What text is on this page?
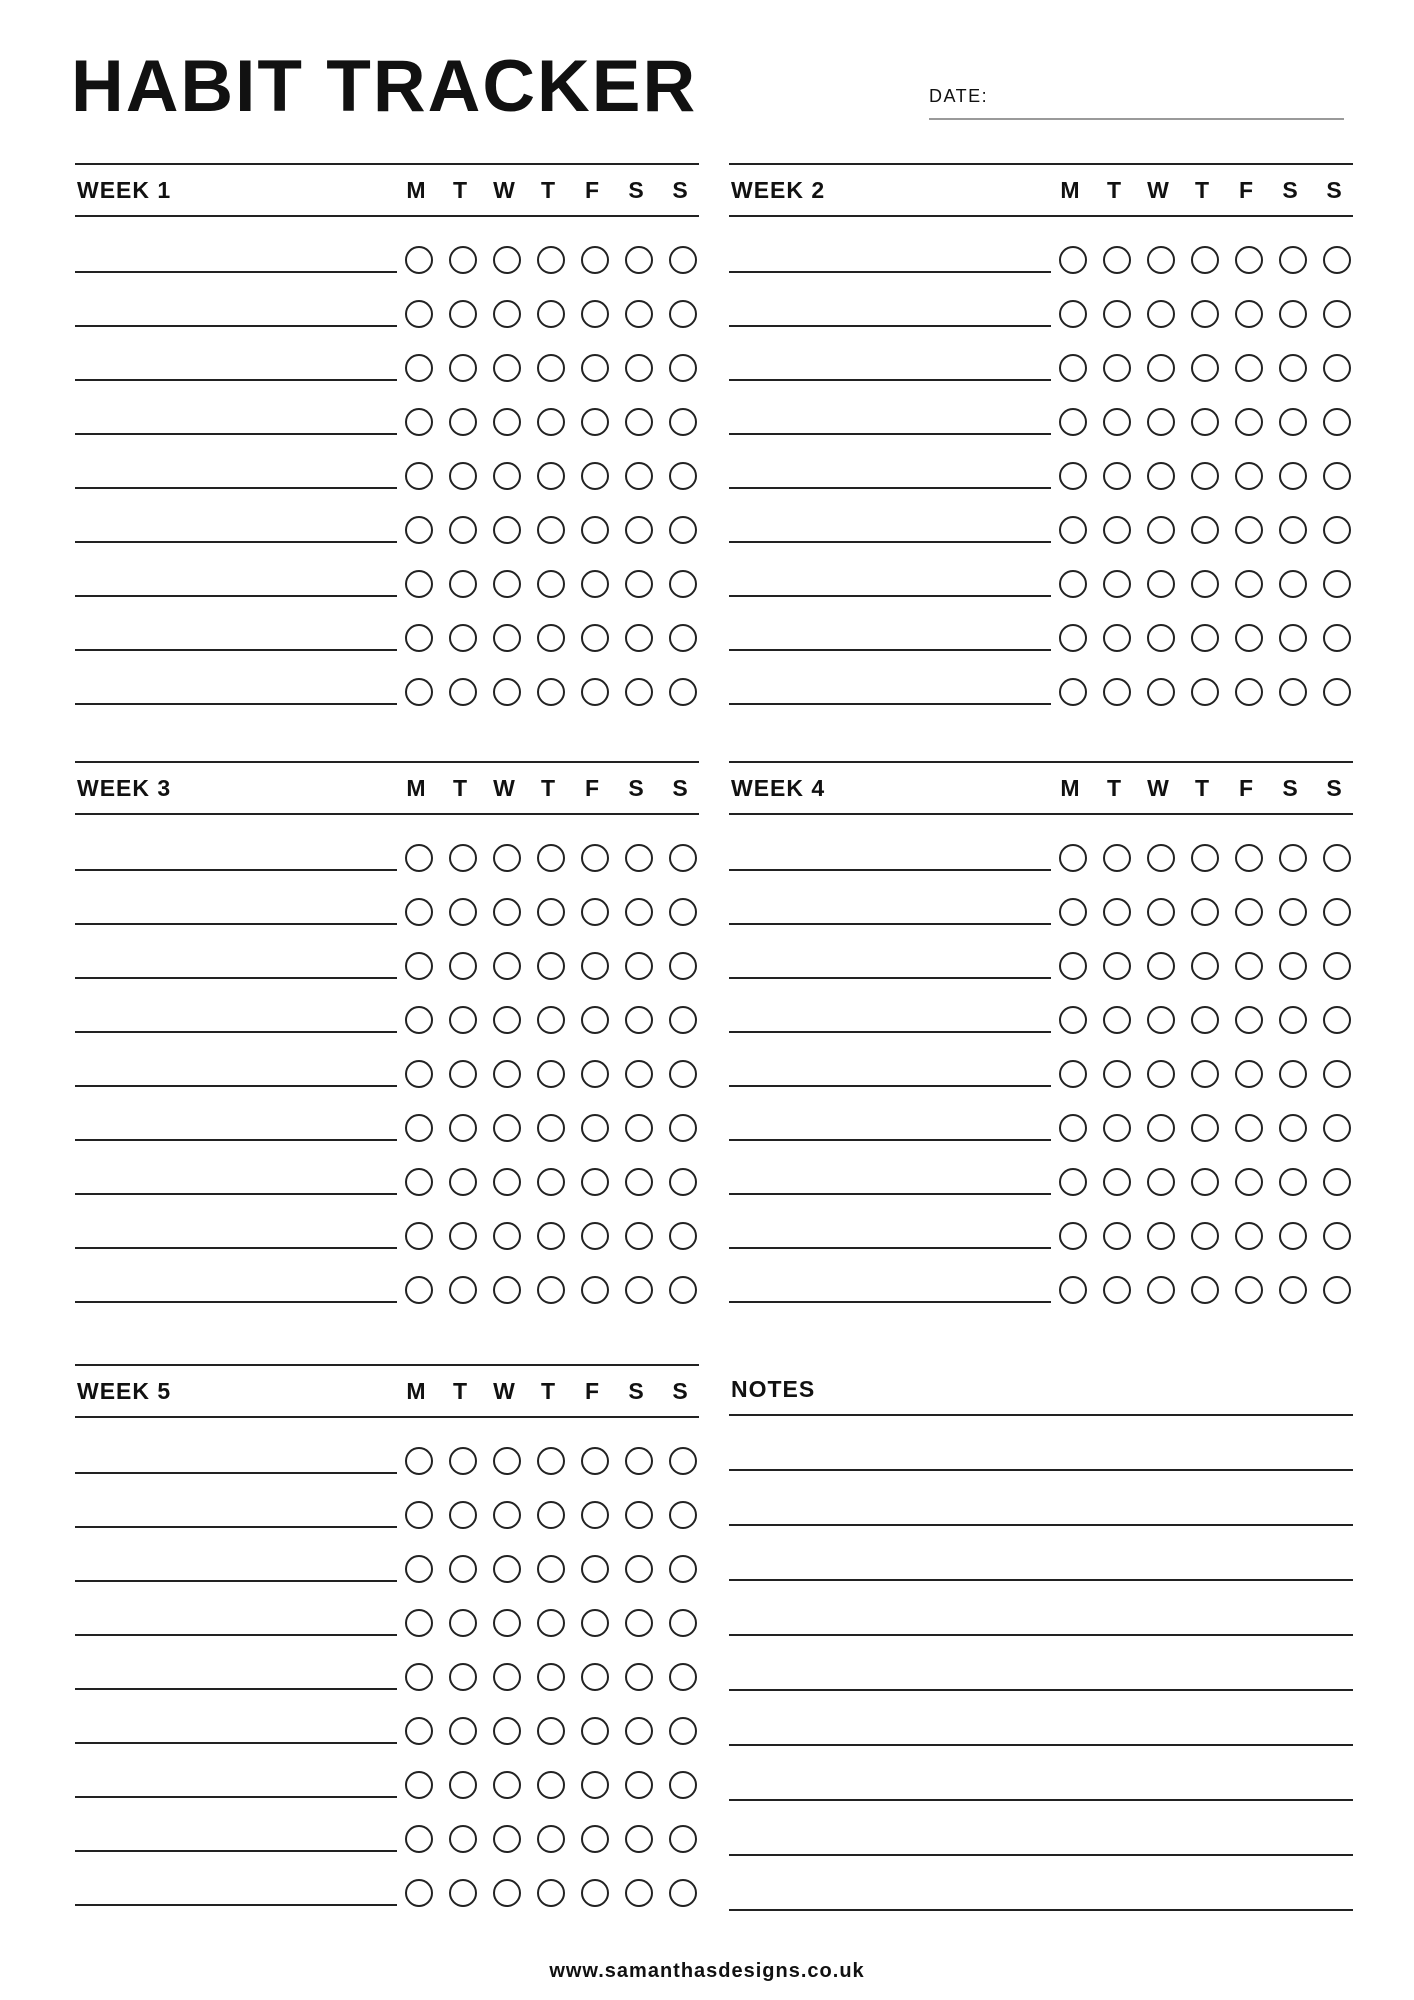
HABIT TRACKER	DATE:
WEEK 1	M	T	W	T	F	S	S	WEEK 2	M	T	W	T	F	S	S
WEEK 3	M	T	W	T	F	S	S	WEEK 4	M	T	W	T	F	S	S
WEEK 5	M	T	W	T	F	S	S	NOTES
www.samanthasdesigns.co.uk
